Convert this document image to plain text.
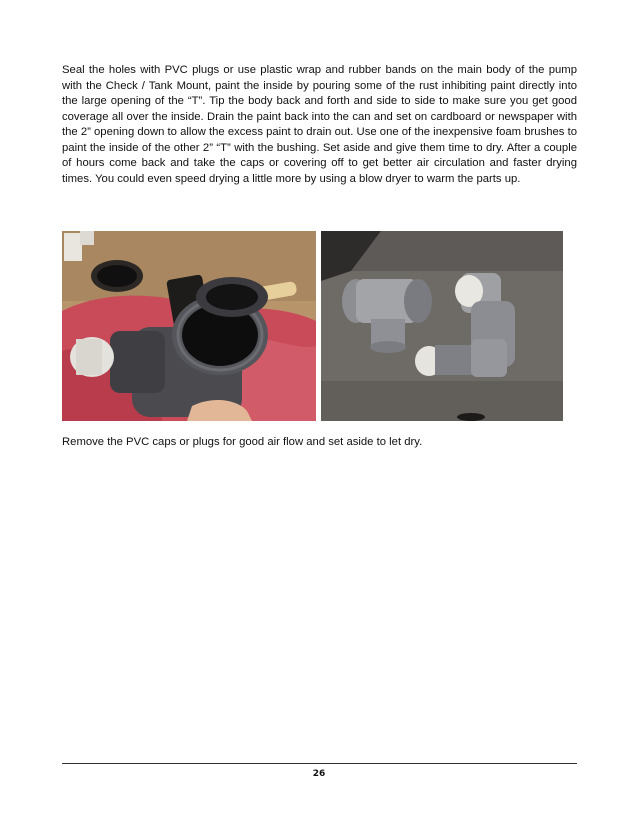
Seal the holes with PVC plugs or use plastic wrap and rubber bands on the main body of the pump with the Check / Tank Mount, paint the inside by pouring some of the rust inhibiting paint directly into the large opening of the “T”. Tip the body back and forth and side to side to make sure you get good coverage all over the inside. Drain the paint back into the can and set on cardboard or newspaper with the 2” opening down to allow the excess paint to drain out. Use one of the inexpensive foam brushes to paint the inside of the other 2” “T” with the bushing. Set aside and give them time to dry. After a couple of hours come back and take the caps or covering off to get better air circulation and faster drying times. You could even speed drying a little more by using a blow dryer to warm the parts up.

Remove the PVC caps or plugs for good air flow and set aside to let dry.

26
